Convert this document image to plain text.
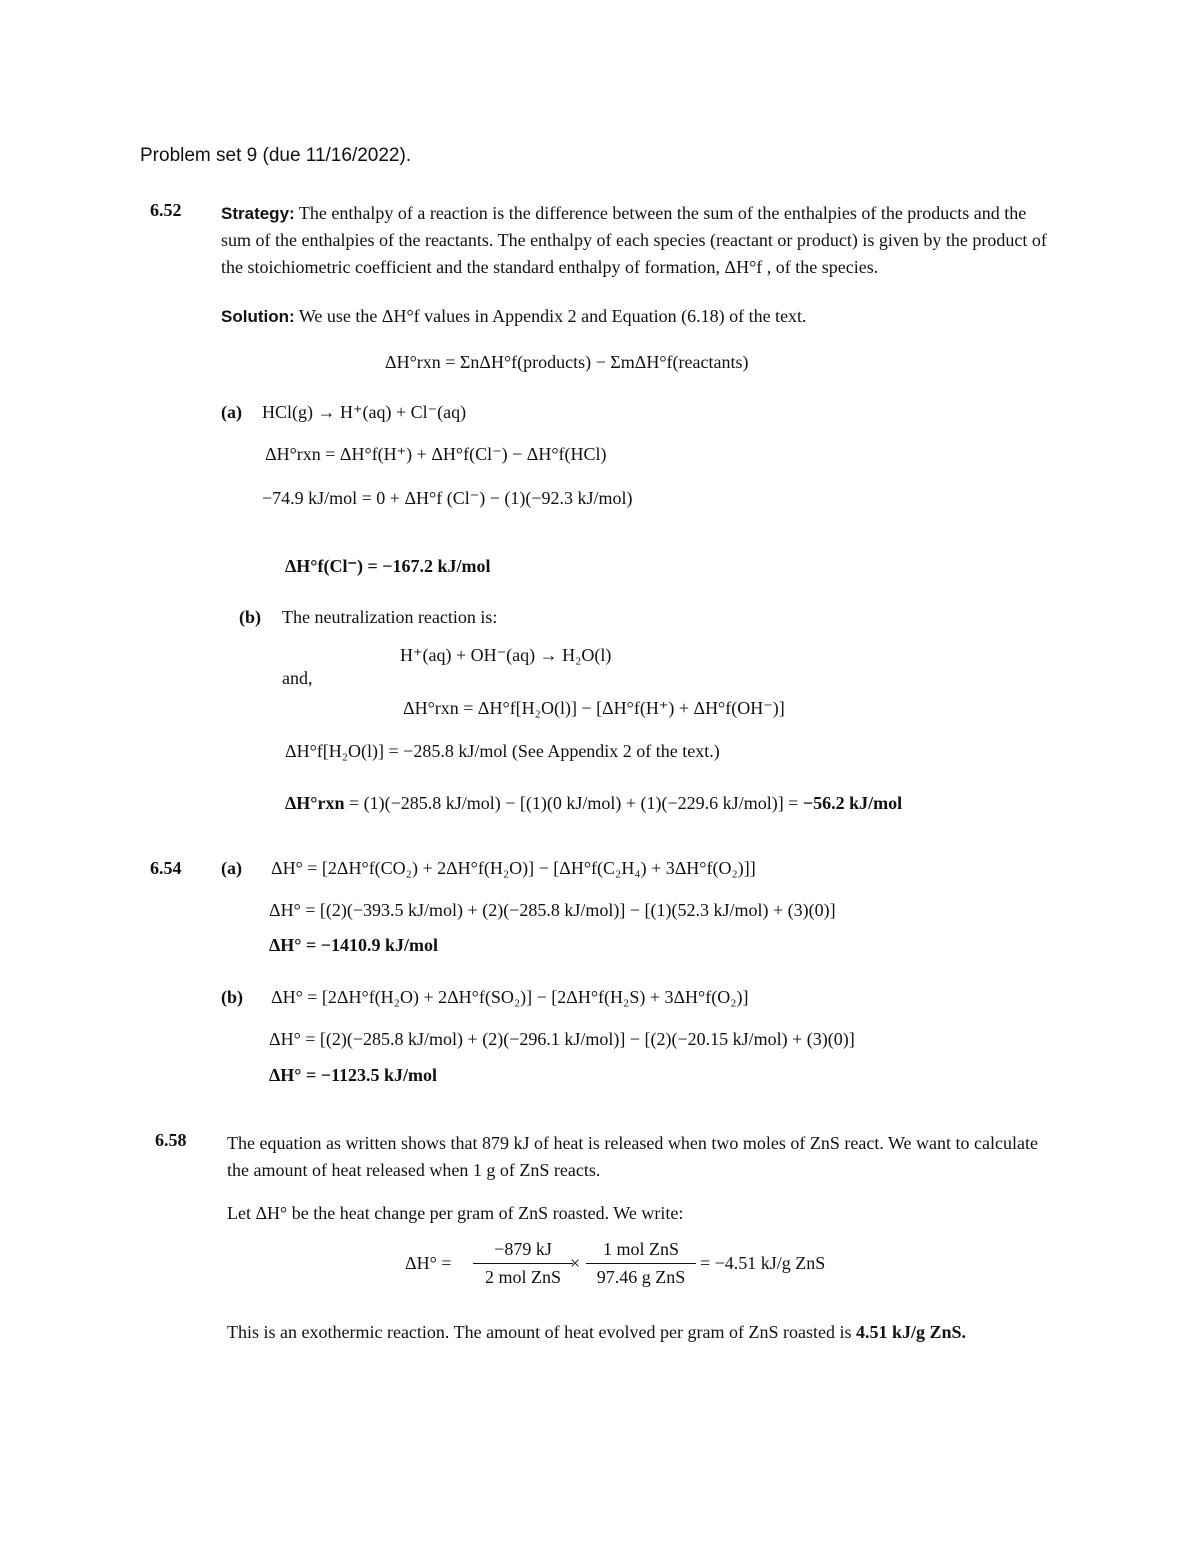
Problem set 9 (due 11/16/2022).
6.52 Strategy: The enthalpy of a reaction is the difference between the sum of the enthalpies of the products and the sum of the enthalpies of the reactants. The enthalpy of each species (reactant or product) is given by the product of the stoichiometric coefficient and the standard enthalpy of formation, ΔH°f , of the species.
Solution: We use the ΔH°f values in Appendix 2 and Equation (6.18) of the text.
ΔH°rxn = ΣnΔH°f(products) − ΣmΔH°f(reactants)
(a) HCl(g) → H⁺(aq) + Cl⁻(aq)
ΔH°rxn = ΔH°f(H⁺) + ΔH°f(Cl⁻) − ΔH°f(HCl)
−74.9 kJ/mol = 0 + ΔH°f (Cl⁻) − (1)(−92.3 kJ/mol)
ΔH°f(Cl⁻) = −167.2 kJ/mol
(b) The neutralization reaction is:
H⁺(aq) + OH⁻(aq) → H₂O(l)
and,
ΔH°rxn = ΔH°f[H₂O(l)] − [ΔH°f(H⁺) + ΔH°f(OH⁻)]
ΔH°f[H₂O(l)] = −285.8 kJ/mol (See Appendix 2 of the text.)
ΔH°rxn = (1)(−285.8 kJ/mol) − [(1)(0 kJ/mol) + (1)(−229.6 kJ/mol)] = −56.2 kJ/mol
6.54 (a) ΔH° = [2ΔH°f(CO₂) + 2ΔH°f(H₂O)] − [ΔH°f(C₂H₄) + 3ΔH°f(O₂)]]
ΔH° = [(2)(−393.5 kJ/mol) + (2)(−285.8 kJ/mol)] − [(1)(52.3 kJ/mol) + (3)(0)]
ΔH° = −1410.9 kJ/mol
(b) ΔH° = [2ΔH°f(H₂O) + 2ΔH°f(SO₂)] − [2ΔH°f(H₂S) + 3ΔH°f(O₂)]
ΔH° = [(2)(−285.8 kJ/mol) + (2)(−296.1 kJ/mol)] − [(2)(−20.15 kJ/mol) + (3)(0)]
ΔH° = −1123.5 kJ/mol
6.58 The equation as written shows that 879 kJ of heat is released when two moles of ZnS react. We want to calculate the amount of heat released when 1 g of ZnS reacts.
Let ΔH° be the heat change per gram of ZnS roasted. We write:
ΔH° =
−879 kJ
2 mol ZnS
×
1 mol ZnS
97.46 g ZnS
= −4.51 kJ/g ZnS
This is an exothermic reaction. The amount of heat evolved per gram of ZnS roasted is 4.51 kJ/g ZnS.
